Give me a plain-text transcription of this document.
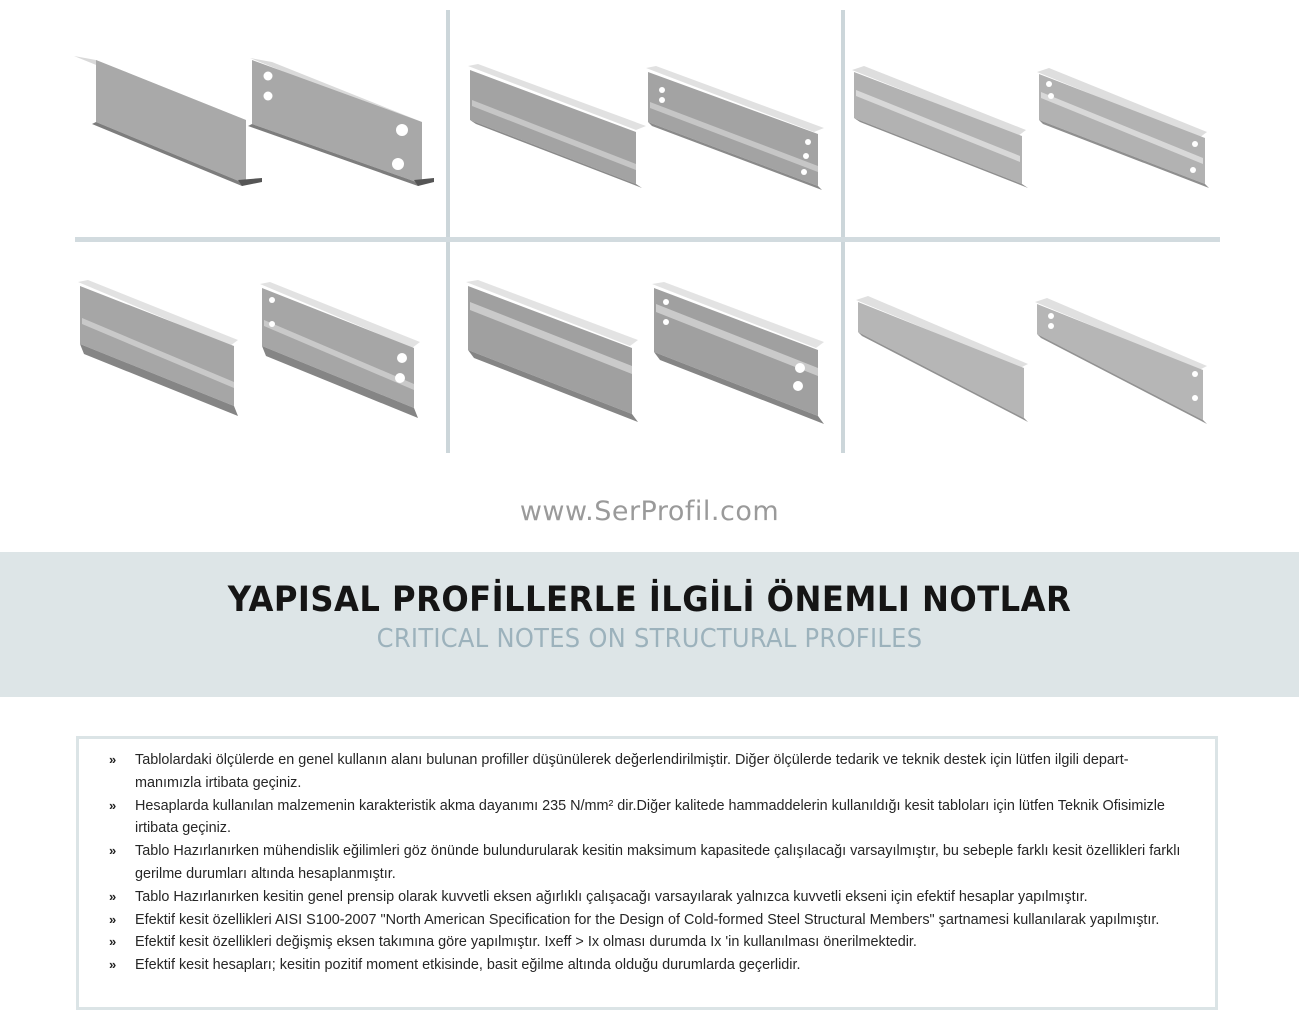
www.SerProfil.com
YAPISAL PROFİLLERLE İLGİLİ ÖNEMLI NOTLAR
CRITICAL NOTES ON STRUCTURAL PROFILES
» Tablolardaki ölçülerde en genel kullanın alanı bulunan profiller düşünülerek değerlendirilmiştir. Diğer ölçülerde tedarik ve teknik destek için lütfen ilgili depart- manımızla irtibata geçiniz.
» Hesaplarda kullanılan malzemenin karakteristik akma dayanımı 235 N/mm² dir.Diğer kalitede hammaddelerin kullanıldığı kesit tabloları için lütfen Teknik Ofisimizle irtibata geçiniz.
» Tablo Hazırlanırken mühendislik eğilimleri göz önünde bulundurularak kesitin maksimum kapasitede çalışılacağı varsayılmıştır, bu sebeple farklı kesit özellikleri farklı gerilme durumları altında hesaplanmıştır.
» Tablo Hazırlanırken kesitin genel prensip olarak kuvvetli eksen ağırlıklı çalışacağı varsayılarak yalnızca kuvvetli ekseni için efektif hesaplar yapılmıştır.
» Efektif kesit özellikleri AISI S100-2007 "North American Specification for the Design of Cold-formed Steel Structural Members" şartnamesi kullanılarak yapılmıştır.
» Efektif kesit özellikleri değişmiş eksen takımına göre yapılmıştır. Ixeff > Ix olması durumda Ix 'in kullanılması önerilmektedir.
» Efektif kesit hesapları; kesitin pozitif moment etkisinde, basit eğilme altında olduğu durumlarda geçerlidir.
